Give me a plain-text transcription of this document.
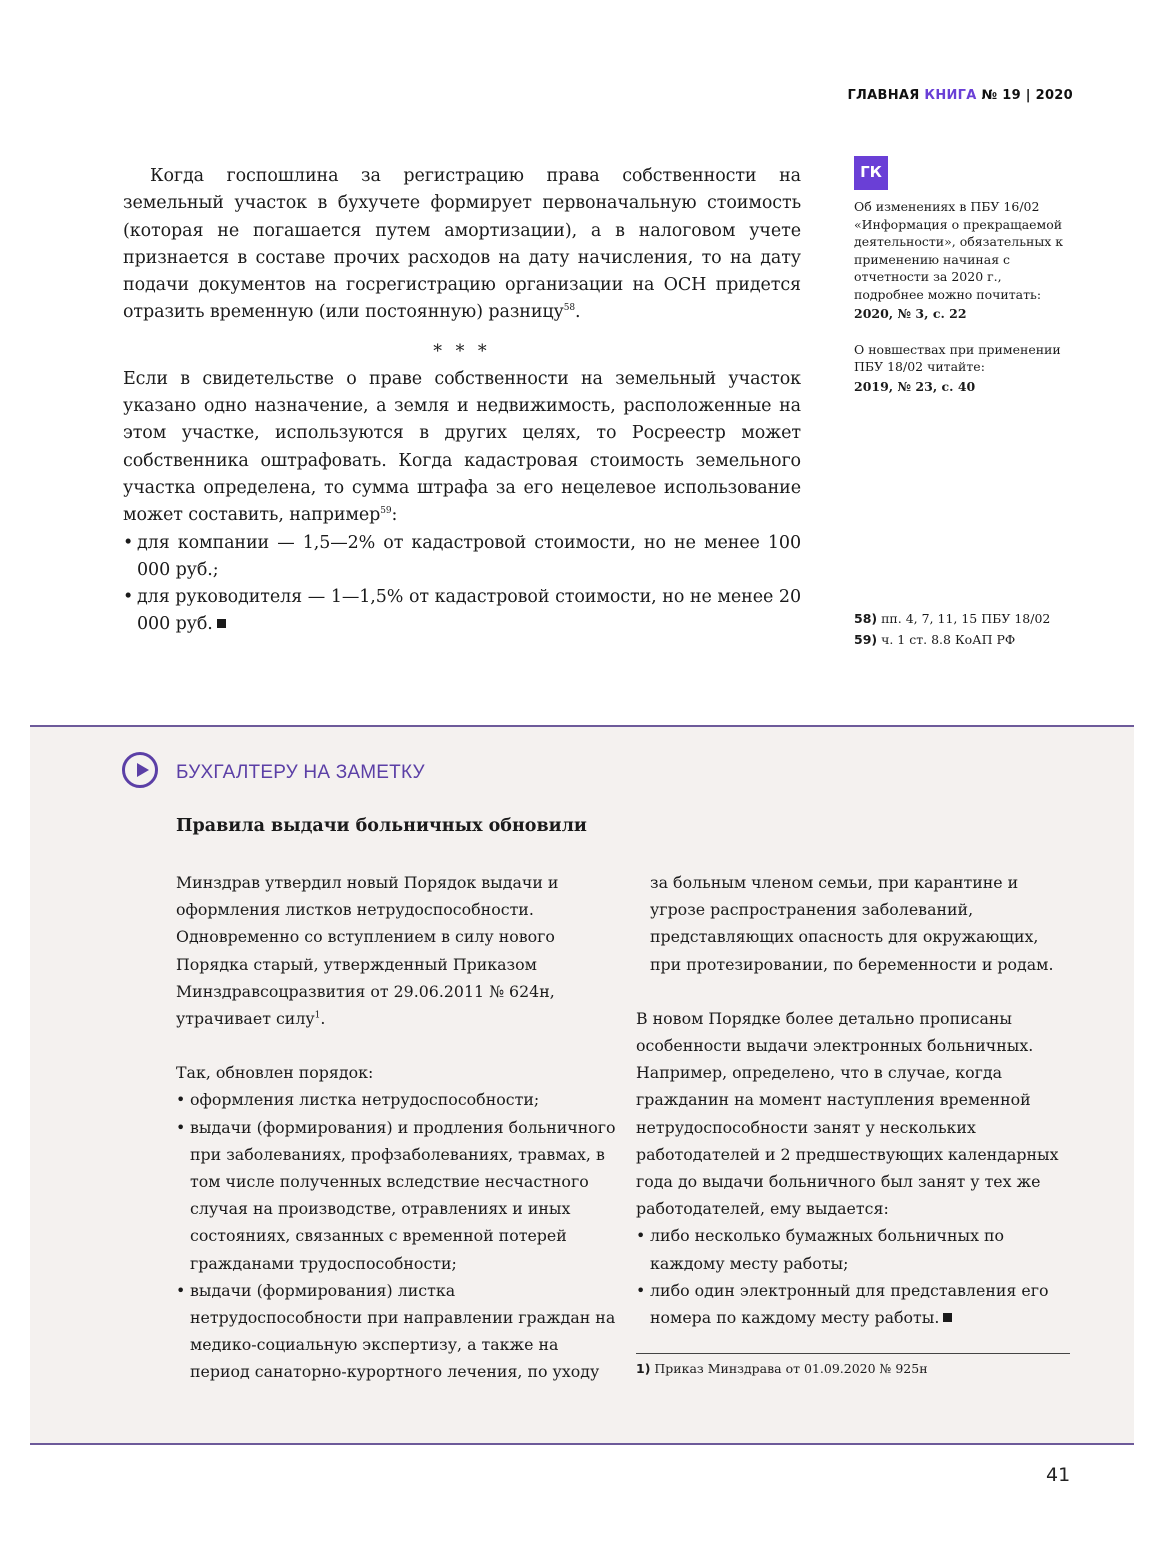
ГЛАВНАЯ КНИГА № 19 | 2020

Когда госпошлина за регистрацию права собственности на земельный участок в бухучете формирует первоначальную стоимость (которая не погашается путем амортизации), а в налоговом учете признается в составе прочих расходов на дату начисления, то на дату подачи документов на госрегистрацию организации на ОСН придется отразить временную (или постоянную) разницу$^{58}$.

* * *

Если в свидетельстве о праве собственности на земельный участок указано одно назначение, а земля и недвижимость, расположенные на этом участке, используются в других целях, то Росреестр может собственника оштрафовать. Когда кадастровая стоимость земельного участка определена, то сумма штрафа за его нецелевое использование может составить, например$^{59}$:

• для компании — 1,5—2% от кадастровой стоимости, но не менее 100 000 руб.;
• для руководителя — 1—1,5% от кадастровой стоимости, но не менее 20 000 руб.
ГК

Об изменениях в ПБУ 16/02 «Информация о прекращаемой деятельности», обязательных к применению начиная с отчетности за 2020 г., подробнее можно почитать:

2020, № 3, с. 22

О новшествах при применении ПБУ 18/02 читайте:

2019, № 23, с. 40

58) пп. 4, 7, 11, 15 ПБУ 18/02
59) ч. 1 ст. 8.8 КоАП РФ
БУХГАЛТЕРУ НА ЗАМЕТКУ
Правила выдачи больничных обновили

Минздрав утвердил новый Порядок выдачи и оформления листков нетрудоспособности. Одновременно со вступлением в силу нового Порядка старый, утвержденный Приказом Минздравсоцразвития от 29.06.2011 № 624н, утрачивает силу$^1$.

Так, обновлен порядок:

• оформления листка нетрудоспособности;
• выдачи (формирования) и продления больничного при заболеваниях, профзаболеваниях, травмах, в том числе полученных вследствие несчастного случая на производстве, отравлениях и иных состояниях, связанных с временной потерей гражданами трудоспособности;
• выдачи (формирования) листка нетрудоспособности при направлении граждан на медико-социальную экспертизу, а также на период санаторно-курортного лечения, по уходу

за больным членом семьи, при карантине и угрозе распространения заболеваний, представляющих опасность для окружающих, при протезировании, по беременности и родам.

В новом Порядке более детально прописаны особенности выдачи электронных больничных. Например, определено, что в случае, когда гражданин на момент наступления временной нетрудоспособности занят у нескольких работодателей и 2 предшествующих календарных года до выдачи больничного был занят у тех же работодателей, ему выдается:

• либо несколько бумажных больничных по каждому месту работы;
• либо один электронный для представления его номера по каждому месту работы.
1) Приказ Минздрава от 01.09.2020 № 925н
41
